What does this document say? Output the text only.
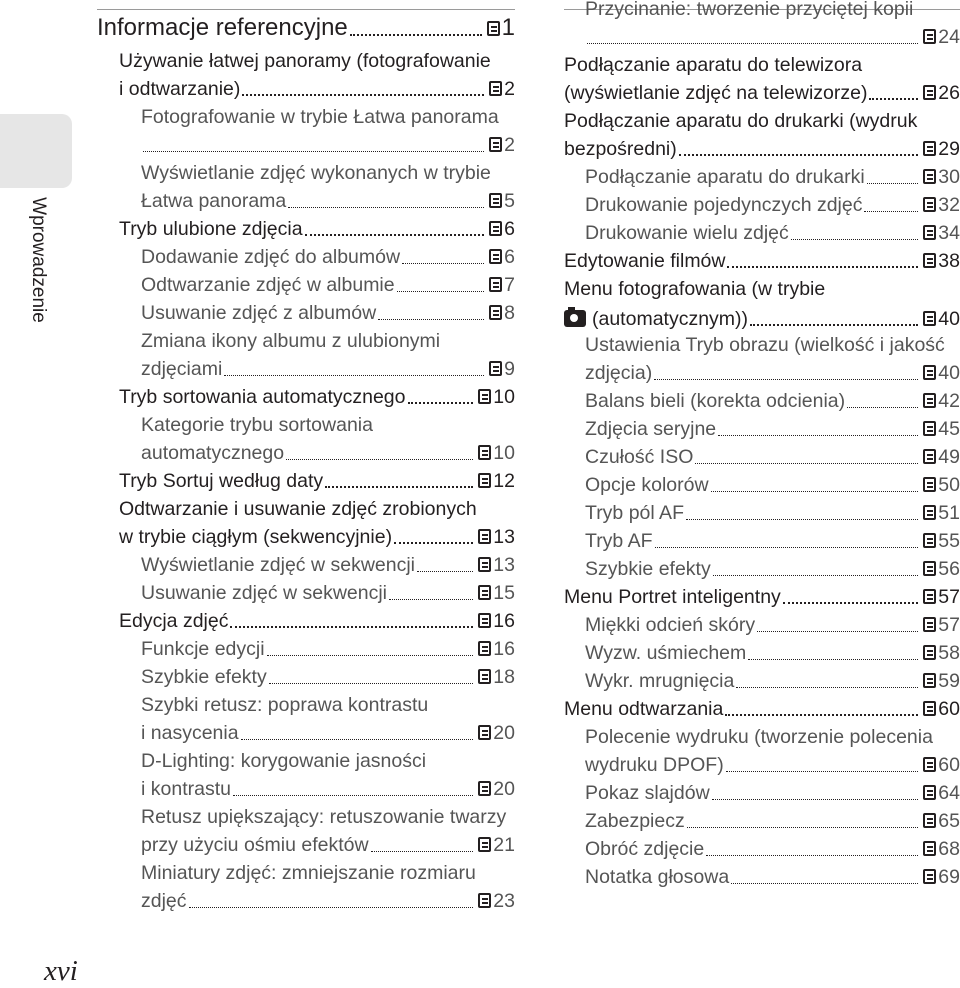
Wprowadzenie
Informacje referencyjne	1
Używanie łatwej panoramy (fotografowanie
i odtwarzanie)	2
Fotografowanie w trybie Łatwa panorama
2
Wyświetlanie zdjęć wykonanych w trybie
Łatwa panorama	5
Tryb ulubione zdjęcia	6
Dodawanie zdjęć do albumów	6
Odtwarzanie zdjęć w albumie	7
Usuwanie zdjęć z albumów	8
Zmiana ikony albumu z ulubionymi
zdjęciami	9
Tryb sortowania automatycznego	10
Kategorie trybu sortowania
automatycznego	10
Tryb Sortuj według daty	12
Odtwarzanie i usuwanie zdjęć zrobionych
w trybie ciągłym (sekwencyjnie)	13
Wyświetlanie zdjęć w sekwencji	13
Usuwanie zdjęć w sekwencji	15
Edycja zdjęć	16
Funkcje edycji	16
Szybkie efekty	18
Szybki retusz: poprawa kontrastu
i nasycenia	20
D-Lighting: korygowanie jasności
i kontrastu	20
Retusz upiększający: retuszowanie twarzy
przy użyciu ośmiu efektów	21
Miniatury zdjęć: zmniejszanie rozmiaru
zdjęć	23
Przycinanie: tworzenie przyciętej kopii
24
Podłączanie aparatu do telewizora
(wyświetlanie zdjęć na telewizorze)	26
Podłączanie aparatu do drukarki (wydruk
bezpośredni)	29
Podłączanie aparatu do drukarki	30
Drukowanie pojedynczych zdjęć	32
Drukowanie wielu zdjęć	34
Edytowanie filmów	38
Menu fotografowania (w trybie
(automatycznym))	40
Ustawienia Tryb obrazu (wielkość i jakość
zdjęcia)	40
Balans bieli (korekta odcienia)	42
Zdjęcia seryjne	45
Czułość ISO	49
Opcje kolorów	50
Tryb pól AF	51
Tryb AF	55
Szybkie efekty	56
Menu Portret inteligentny	57
Miękki odcień skóry	57
Wyzw. uśmiechem	58
Wykr. mrugnięcia	59
Menu odtwarzania	60
Polecenie wydruku (tworzenie polecenia
wydruku DPOF)	60
Pokaz slajdów	64
Zabezpiecz	65
Obróć zdjęcie	68
Notatka głosowa	69
xvi
